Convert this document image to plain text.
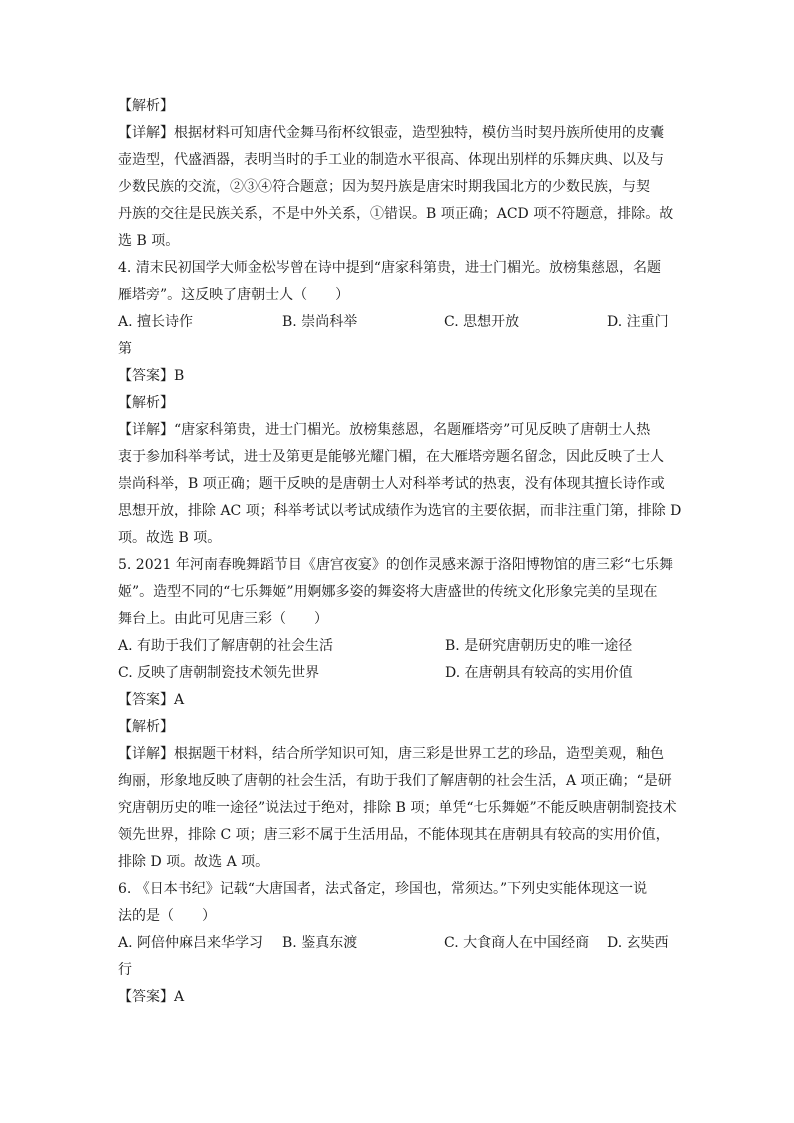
【解析】
【详解】根据材料可知唐代金舞马衔杯纹银壶，造型独特，模仿当时契丹族所使用的皮囊
壶造型，代盛酒器，表明当时的手工业的制造水平很高、体现出别样的乐舞庆典、以及与
少数民族的交流，②③④符合题意；因为契丹族是唐宋时期我国北方的少数民族，与契
丹族的交往是民族关系，不是中外关系，①错误。B 项正确；ACD 项不符题意，排除。故
选 B 项。
4. 清末民初国学大师金松岑曾在诗中提到“唐家科第贵，进士门楣光。放榜集慈恩，名题
雁塔旁”。这反映了唐朝士人（　　）
A. 擅长诗作	B. 崇尚科举	C. 思想开放	D. 注重门
第
【答案】B
【解析】
【详解】“唐家科第贵，进士门楣光。放榜集慈恩，名题雁塔旁”可见反映了唐朝士人热
衷于参加科举考试，进士及第更是能够光耀门楣，在大雁塔旁题名留念，因此反映了士人
崇尚科举，B 项正确；题干反映的是唐朝士人对科举考试的热衷，没有体现其擅长诗作或
思想开放，排除 AC 项；科举考试以考试成绩作为选官的主要依据，而非注重门第，排除 D
项。故选 B 项。
5. 2021 年河南春晚舞蹈节目《唐宫夜宴》的创作灵感来源于洛阳博物馆的唐三彩“七乐舞
姬”。造型不同的“七乐舞姬”用婀娜多姿的舞姿将大唐盛世的传统文化形象完美的呈现在
舞台上。由此可见唐三彩（　　）
A. 有助于我们了解唐朝的社会生活	B. 是研究唐朝历史的唯一途径
C. 反映了唐朝制瓷技术领先世界	D. 在唐朝具有较高的实用价值
【答案】A
【解析】
【详解】根据题干材料，结合所学知识可知，唐三彩是世界工艺的珍品，造型美观，釉色
绚丽，形象地反映了唐朝的社会生活，有助于我们了解唐朝的社会生活，A 项正确；“是研
究唐朝历史的唯一途径”说法过于绝对，排除 B 项；单凭“七乐舞姬”不能反映唐朝制瓷技术
领先世界，排除 C 项；唐三彩不属于生活用品，不能体现其在唐朝具有较高的实用价值，
排除 D 项。故选 A 项。
6. 《日本书纪》记载“大唐国者，法式备定，珍国也，常须达。”下列史实能体现这一说
法的是（　　）
A. 阿倍仲麻吕来华学习 B. 鉴真东渡	C. 大食商人在中国经商 D. 玄奘西
行
【答案】A
